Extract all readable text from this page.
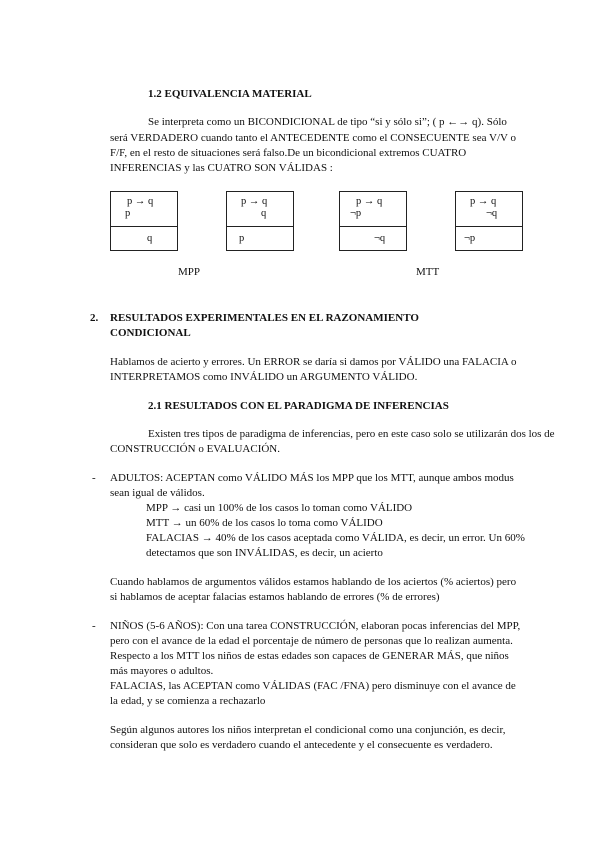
1.2 EQUIVALENCIA MATERIAL
Se interpreta como un BICONDICIONAL de tipo “si y sólo si”; ( p ←→ q). Sólo
será VERDADERO cuando tanto el ANTECEDENTE como el CONSECUENTE sea V/V o
F/F, en el resto de situaciones será falso.De un bicondicional extremos CUATRO
INFERENCIAS y las CUATRO SON VÁLIDAS :
p → q
p
q
p → q
q
p
p → q
¬p
¬q
p → q
¬q
¬p
MPP	MTT
2. RESULTADOS EXPERIMENTALES EN EL RAZONAMIENTO
CONDICIONAL
Hablamos de acierto y errores. Un ERROR se daría si damos por VÁLIDO una FALACIA o
INTERPRETAMOS como INVÁLIDO un ARGUMENTO VÁLIDO.
2.1 RESULTADOS CON EL PARADIGMA DE INFERENCIAS
Existen tres tipos de paradigma de inferencias, pero en este caso solo se utilizarán dos los de
CONSTRUCCIÓN o EVALUACIÓN.
- ADULTOS: ACEPTAN como VÁLIDO MÁS los MPP que los MTT, aunque ambos modus
sean igual de válidos.
MPP → casi un 100% de los casos lo toman como VÁLIDO
MTT → un 60% de los casos lo toma como VÁLIDO
FALACIAS → 40% de los casos aceptada como VÁLIDA, es decir, un error. Un 60%
detectamos que son INVÁLIDAS, es decir, un acierto
Cuando hablamos de argumentos válidos estamos hablando de los aciertos (% aciertos) pero
si hablamos de aceptar falacias estamos hablando de errores (% de errores)
- NIÑOS (5-6 AÑOS): Con una tarea CONSTRUCCIÓN, elaboran pocas inferencias del MPP,
pero con el avance de la edad el porcentaje de número de personas que lo realizan aumenta.
Respecto a los MTT los niños de estas edades son capaces de GENERAR MÁS, que niños
más mayores o adultos.
FALACIAS, las ACEPTAN como VÁLIDAS (FAC /FNA) pero disminuye con el avance de
la edad, y se comienza a rechazarlo
Según algunos autores los niños interpretan el condicional como una conjunción, es decir,
consideran que solo es verdadero cuando el antecedente y el consecuente es verdadero.
